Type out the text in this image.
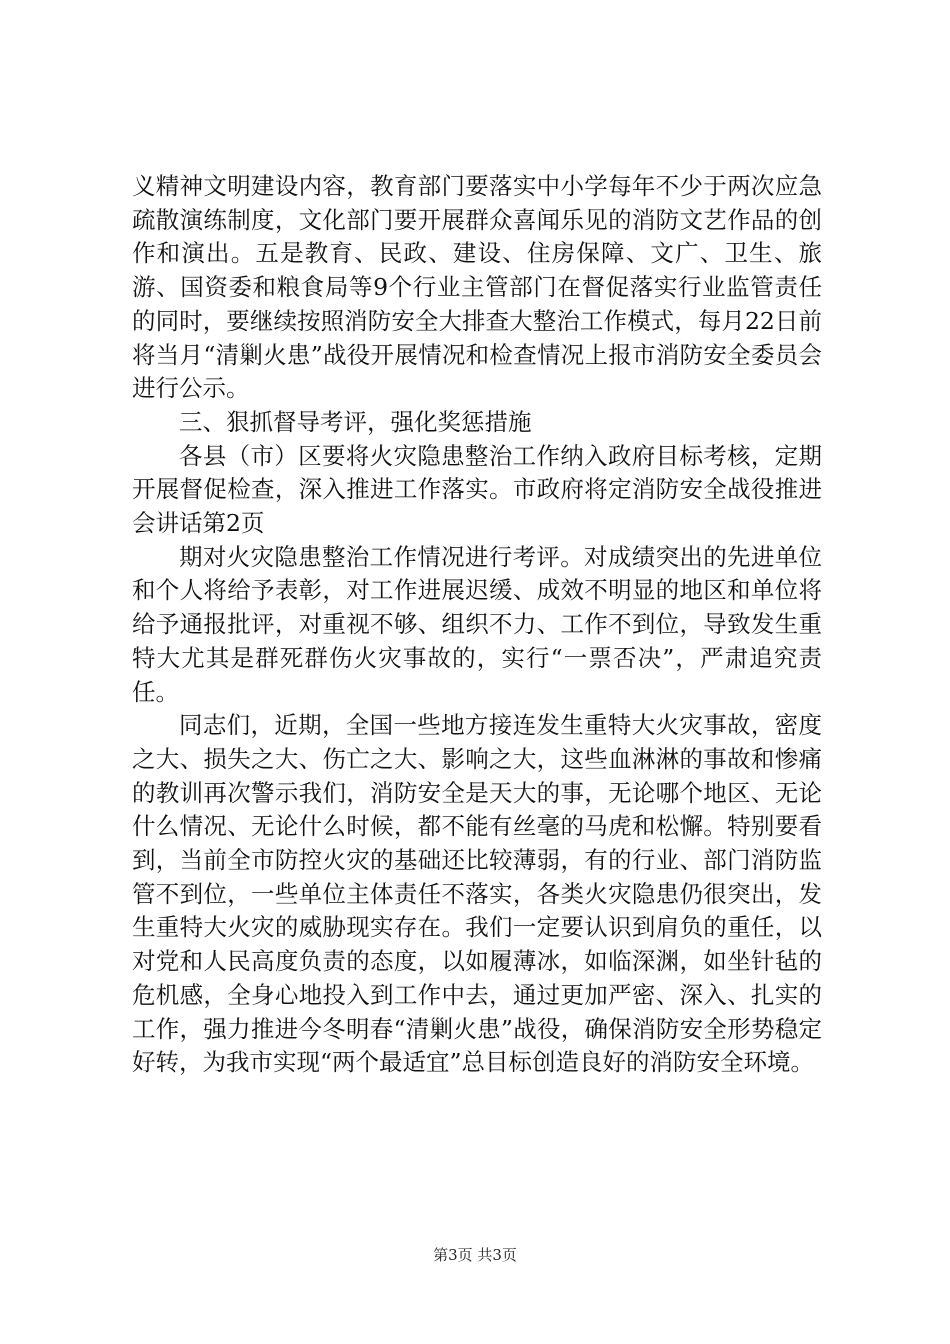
义精神文明建设内容，教育部门要落实中小学每年不少于两次应急疏散演练制度，文化部门要开展群众喜闻乐见的消防文艺作品的创作和演出。五是教育、民政、建设、住房保障、文广、卫生、旅游、国资委和粮食局等9个行业主管部门在督促落实行业监管责任的同时，要继续按照消防安全大排查大整治工作模式，每月22日前将当月“清剿火患”战役开展情况和检查情况上报市消防安全委员会进行公示。

三、狠抓督导考评，强化奖惩措施

各县（市）区要将火灾隐患整治工作纳入政府目标考核，定期开展督促检查，深入推进工作落实。市政府将定消防安全战役推进会讲话第2页

期对火灾隐患整治工作情况进行考评。对成绩突出的先进单位和个人将给予表彰，对工作进展迟缓、成效不明显的地区和单位将给予通报批评，对重视不够、组织不力、工作不到位，导致发生重特大尤其是群死群伤火灾事故的，实行“一票否决”，严肃追究责任。

同志们，近期，全国一些地方接连发生重特大火灾事故，密度之大、损失之大、伤亡之大、影响之大，这些血淋淋的事故和惨痛的教训再次警示我们，消防安全是天大的事，无论哪个地区、无论什么情况、无论什么时候，都不能有丝毫的马虎和松懈。特别要看到，当前全市防控火灾的基础还比较薄弱，有的行业、部门消防监管不到位，一些单位主体责任不落实，各类火灾隐患仍很突出，发生重特大火灾的威胁现实存在。我们一定要认识到肩负的重任，以对党和人民高度负责的态度，以如履薄冰，如临深渊，如坐针毡的危机感，全身心地投入到工作中去，通过更加严密、深入、扎实的工作，强力推进今冬明春“清剿火患”战役，确保消防安全形势稳定好转，为我市实现“两个最适宜”总目标创造良好的消防安全环境。

第3页 共3页
